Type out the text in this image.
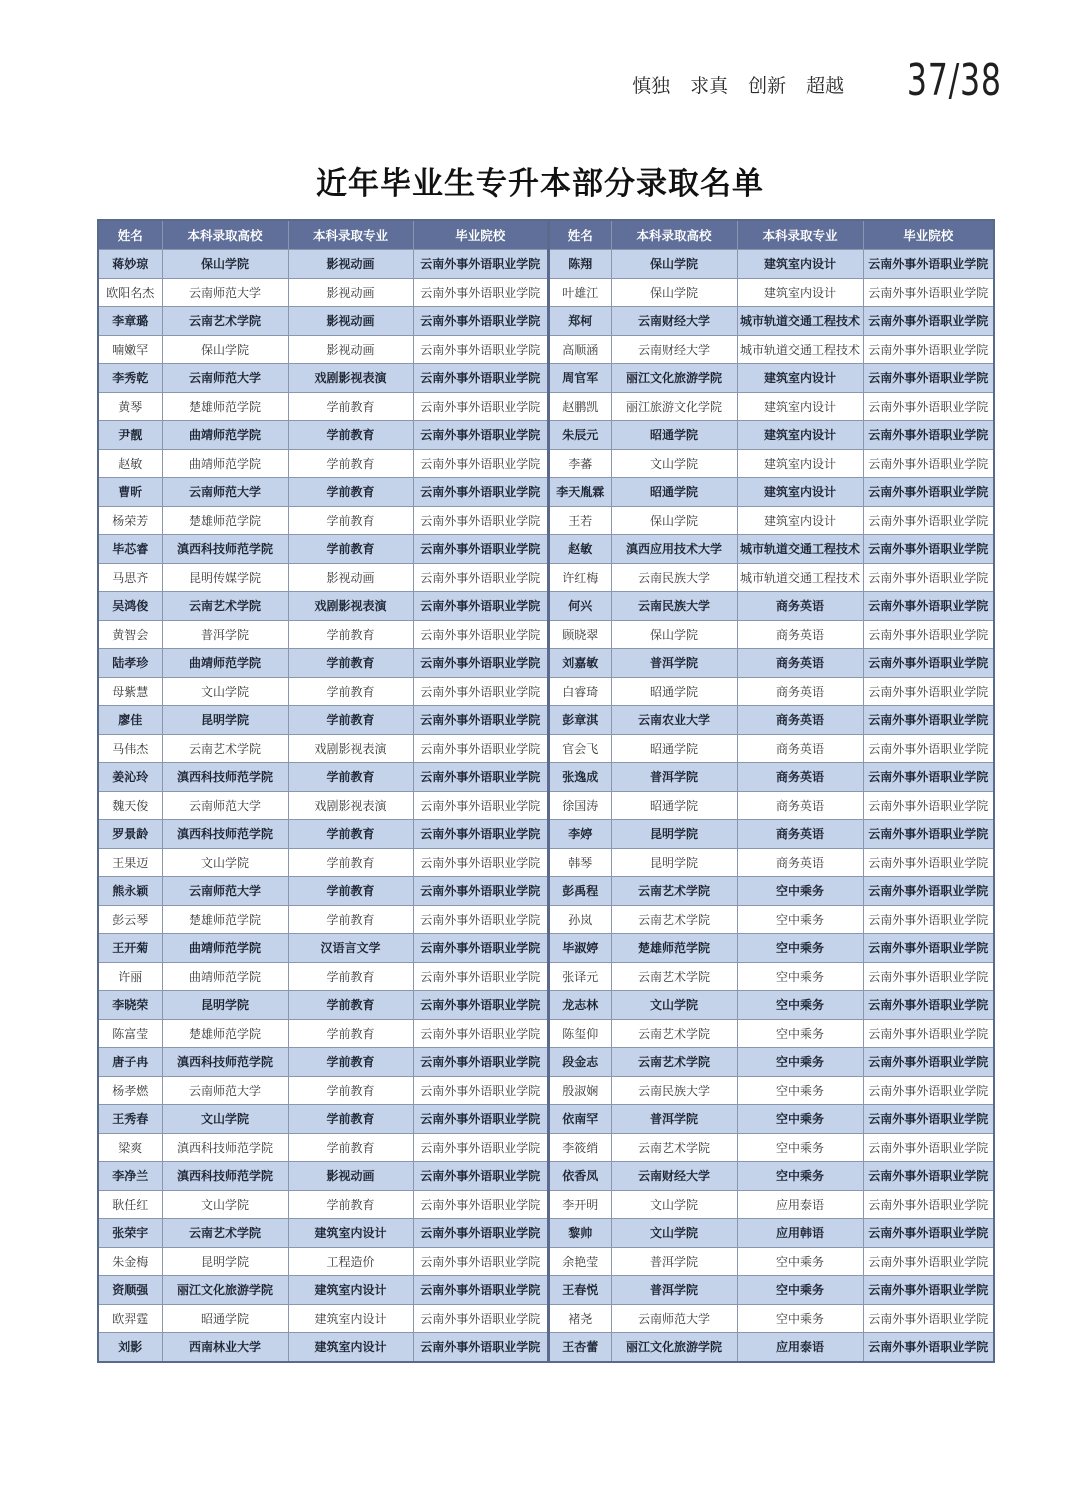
慎独 求真 创新 超越 37/38
近年毕业生专升本部分录取名单
姓名	本科录取高校	本科录取专业	毕业院校
蒋妙琼	保山学院	影视动画	云南外事外语职业学院
欧阳名杰	云南师范大学	影视动画	云南外事外语职业学院
李章璐	云南艺术学院	影视动画	云南外事外语职业学院
喃嫩罕	保山学院	影视动画	云南外事外语职业学院
李秀乾	云南师范大学	戏剧影视表演	云南外事外语职业学院
黄琴	楚雄师范学院	学前教育	云南外事外语职业学院
尹靓	曲靖师范学院	学前教育	云南外事外语职业学院
赵敏	曲靖师范学院	学前教育	云南外事外语职业学院
曹昕	云南师范大学	学前教育	云南外事外语职业学院
杨荣芳	楚雄师范学院	学前教育	云南外事外语职业学院
毕芯睿	滇西科技师范学院	学前教育	云南外事外语职业学院
马思齐	昆明传媒学院	影视动画	云南外事外语职业学院
吴鸿俊	云南艺术学院	戏剧影视表演	云南外事外语职业学院
黄智会	普洱学院	学前教育	云南外事外语职业学院
陆孝珍	曲靖师范学院	学前教育	云南外事外语职业学院
母紫慧	文山学院	学前教育	云南外事外语职业学院
廖佳	昆明学院	学前教育	云南外事外语职业学院
马伟杰	云南艺术学院	戏剧影视表演	云南外事外语职业学院
姜沁玲	滇西科技师范学院	学前教育	云南外事外语职业学院
魏天俊	云南师范大学	戏剧影视表演	云南外事外语职业学院
罗景龄	滇西科技师范学院	学前教育	云南外事外语职业学院
王果迈	文山学院	学前教育	云南外事外语职业学院
熊永颖	云南师范大学	学前教育	云南外事外语职业学院
彭云琴	楚雄师范学院	学前教育	云南外事外语职业学院
王开菊	曲靖师范学院	汉语言文学	云南外事外语职业学院
许丽	曲靖师范学院	学前教育	云南外事外语职业学院
李晓荣	昆明学院	学前教育	云南外事外语职业学院
陈富莹	楚雄师范学院	学前教育	云南外事外语职业学院
唐子冉	滇西科技师范学院	学前教育	云南外事外语职业学院
杨孝燃	云南师范大学	学前教育	云南外事外语职业学院
王秀春	文山学院	学前教育	云南外事外语职业学院
梁爽	滇西科技师范学院	学前教育	云南外事外语职业学院
李净兰	滇西科技师范学院	影视动画	云南外事外语职业学院
耿任红	文山学院	学前教育	云南外事外语职业学院
张荣宇	云南艺术学院	建筑室内设计	云南外事外语职业学院
朱金梅	昆明学院	工程造价	云南外事外语职业学院
资顺强	丽江文化旅游学院	建筑室内设计	云南外事外语职业学院
欧羿霆	昭通学院	建筑室内设计	云南外事外语职业学院
刘影	西南林业大学	建筑室内设计	云南外事外语职业学院
姓名	本科录取高校	本科录取专业	毕业院校
陈翔	保山学院	建筑室内设计	云南外事外语职业学院
叶雄江	保山学院	建筑室内设计	云南外事外语职业学院
郑柯	云南财经大学	城市轨道交通工程技术	云南外事外语职业学院
高顺涵	云南财经大学	城市轨道交通工程技术	云南外事外语职业学院
周官军	丽江文化旅游学院	建筑室内设计	云南外事外语职业学院
赵鹏凯	丽江旅游文化学院	建筑室内设计	云南外事外语职业学院
朱辰元	昭通学院	建筑室内设计	云南外事外语职业学院
李蕃	文山学院	建筑室内设计	云南外事外语职业学院
李天胤霖	昭通学院	建筑室内设计	云南外事外语职业学院
王若	保山学院	建筑室内设计	云南外事外语职业学院
赵敏	滇西应用技术大学	城市轨道交通工程技术	云南外事外语职业学院
许红梅	云南民族大学	城市轨道交通工程技术	云南外事外语职业学院
何兴	云南民族大学	商务英语	云南外事外语职业学院
顾晓翠	保山学院	商务英语	云南外事外语职业学院
刘嘉敏	普洱学院	商务英语	云南外事外语职业学院
白睿琦	昭通学院	商务英语	云南外事外语职业学院
彭章淇	云南农业大学	商务英语	云南外事外语职业学院
官会飞	昭通学院	商务英语	云南外事外语职业学院
张逸成	普洱学院	商务英语	云南外事外语职业学院
徐国涛	昭通学院	商务英语	云南外事外语职业学院
李婷	昆明学院	商务英语	云南外事外语职业学院
韩琴	昆明学院	商务英语	云南外事外语职业学院
彭禹程	云南艺术学院	空中乘务	云南外事外语职业学院
孙岚	云南艺术学院	空中乘务	云南外事外语职业学院
毕淑婷	楚雄师范学院	空中乘务	云南外事外语职业学院
张译元	云南艺术学院	空中乘务	云南外事外语职业学院
龙志林	文山学院	空中乘务	云南外事外语职业学院
陈玺仰	云南艺术学院	空中乘务	云南外事外语职业学院
段金志	云南艺术学院	空中乘务	云南外事外语职业学院
殷淑娴	云南民族大学	空中乘务	云南外事外语职业学院
依南罕	普洱学院	空中乘务	云南外事外语职业学院
李筱绡	云南艺术学院	空中乘务	云南外事外语职业学院
依香凤	云南财经大学	空中乘务	云南外事外语职业学院
李开明	文山学院	应用泰语	云南外事外语职业学院
黎帅	文山学院	应用韩语	云南外事外语职业学院
余艳莹	普洱学院	空中乘务	云南外事外语职业学院
王春悦	普洱学院	空中乘务	云南外事外语职业学院
褚尧	云南师范大学	空中乘务	云南外事外语职业学院
王杏蕾	丽江文化旅游学院	应用泰语	云南外事外语职业学院
